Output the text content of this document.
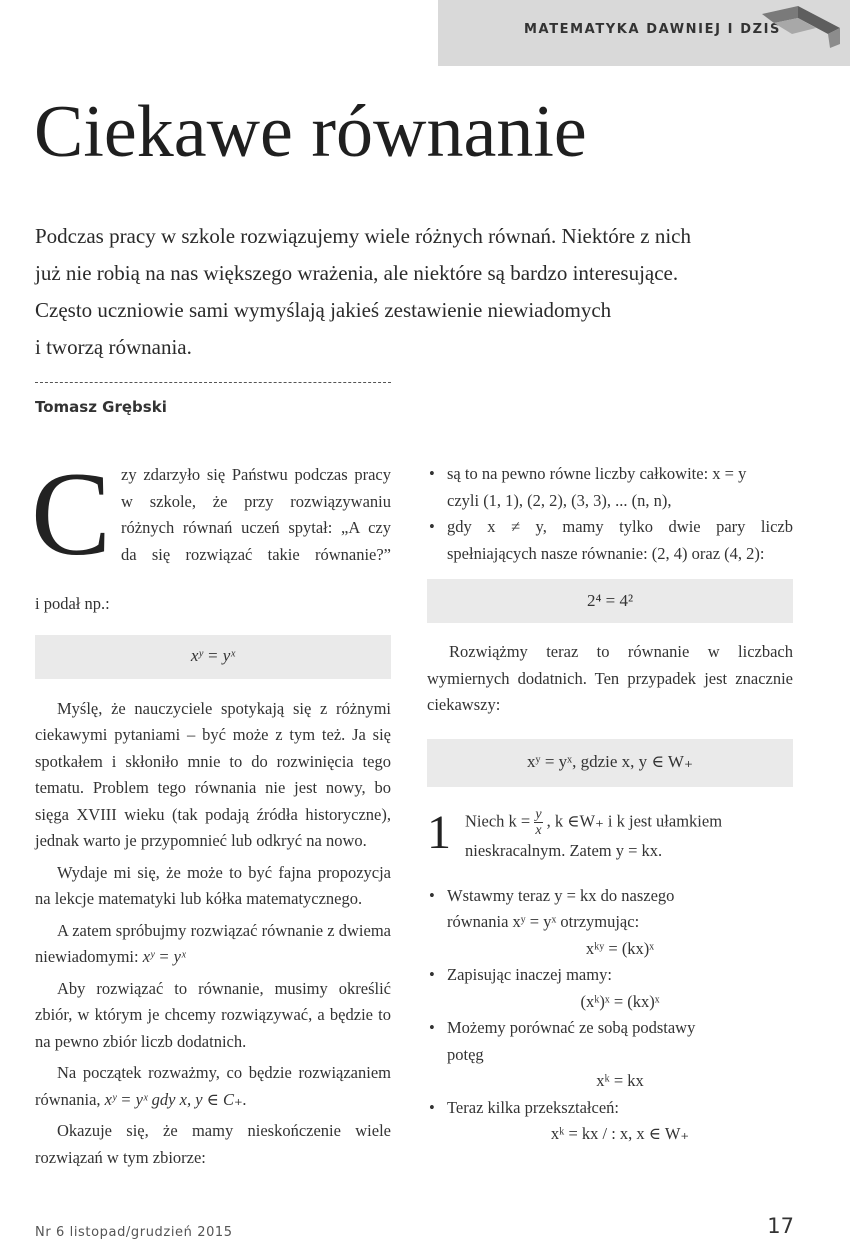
MATEMATYKA DAWNIEJ I DZIŚ
Ciekawe równanie

Podczas pracy w szkole rozwiązujemy wiele różnych równań. Niektóre z nich

już nie robią na nas większego wrażenia, ale niektóre są bardzo interesujące.

Często uczniowie sami wymyślają jakieś zestawienie niewiadomych

i tworzą równania.

Tomasz Grębski
C zy zdarzyło się Państwu podczas pracy
w szkole, że przy rozwiązywaniu
różnych równań uczeń spytał: „A czy
da się rozwiązać takie równanie?”
i podał np.:
xʸ = yˣ

Myślę, że nauczyciele spotykają się z różnymi ciekawymi pytaniami – być może z tym też. Ja się spotkałem i skłoniło mnie to do rozwinięcia tego tematu. Problem tego równania nie jest nowy, bo sięga XVIII wieku (tak podają źródła historyczne), jednak warto je przypomnieć lub odkryć na nowo.

Wydaje mi się, że może to być fajna propozycja na lekcje matematyki lub kółka matematycznego.

A zatem spróbujmy rozwiązać równanie z dwiema niewiadomymi: xʸ = yˣ

Aby rozwiązać to równanie, musimy określić zbiór, w którym je chcemy rozwiązywać, a będzie to na pewno zbiór liczb dodatnich.

Na początek rozważmy, co będzie rozwiązaniem równania, xʸ = yˣ gdy x, y ∈ C₊.

Okazuje się, że mamy nieskończenie wiele rozwiązań w tym zbiorze:

• są to na pewno równe liczby całkowite: x = y
czyli (1, 1), (2, 2), (3, 3), ... (n, n),
• gdy x ≠ y, mamy tylko dwie pary liczb
spełniających nasze równanie: (2, 4) oraz (4, 2):
2⁴ = 4²

Rozwiążmy teraz to równanie w liczbach wymiernych dodatnich. Ten przypadek jest znacznie ciekawszy:

xʸ = yˣ, gdzie x, y ∈ W₊
1 Niech $k = \frac{y}{x}$ , k ∈W₊ i k jest ułamkiem
nieskracalnym. Zatem y = kx.
• Wstawmy teraz y = kx do naszego
równania xʸ = yˣ otrzymując:
xᵏʸ = (kx)ˣ
• Zapisując inaczej mamy:
(xᵏ)ˣ = (kx)ˣ
• Możemy porównać ze sobą podstawy
potęg
xᵏ = kx
• Teraz kilka przekształceń:
xᵏ = kx / : x, x ∈ W₊
Nr 6 listopad/grudzień 2015	17
